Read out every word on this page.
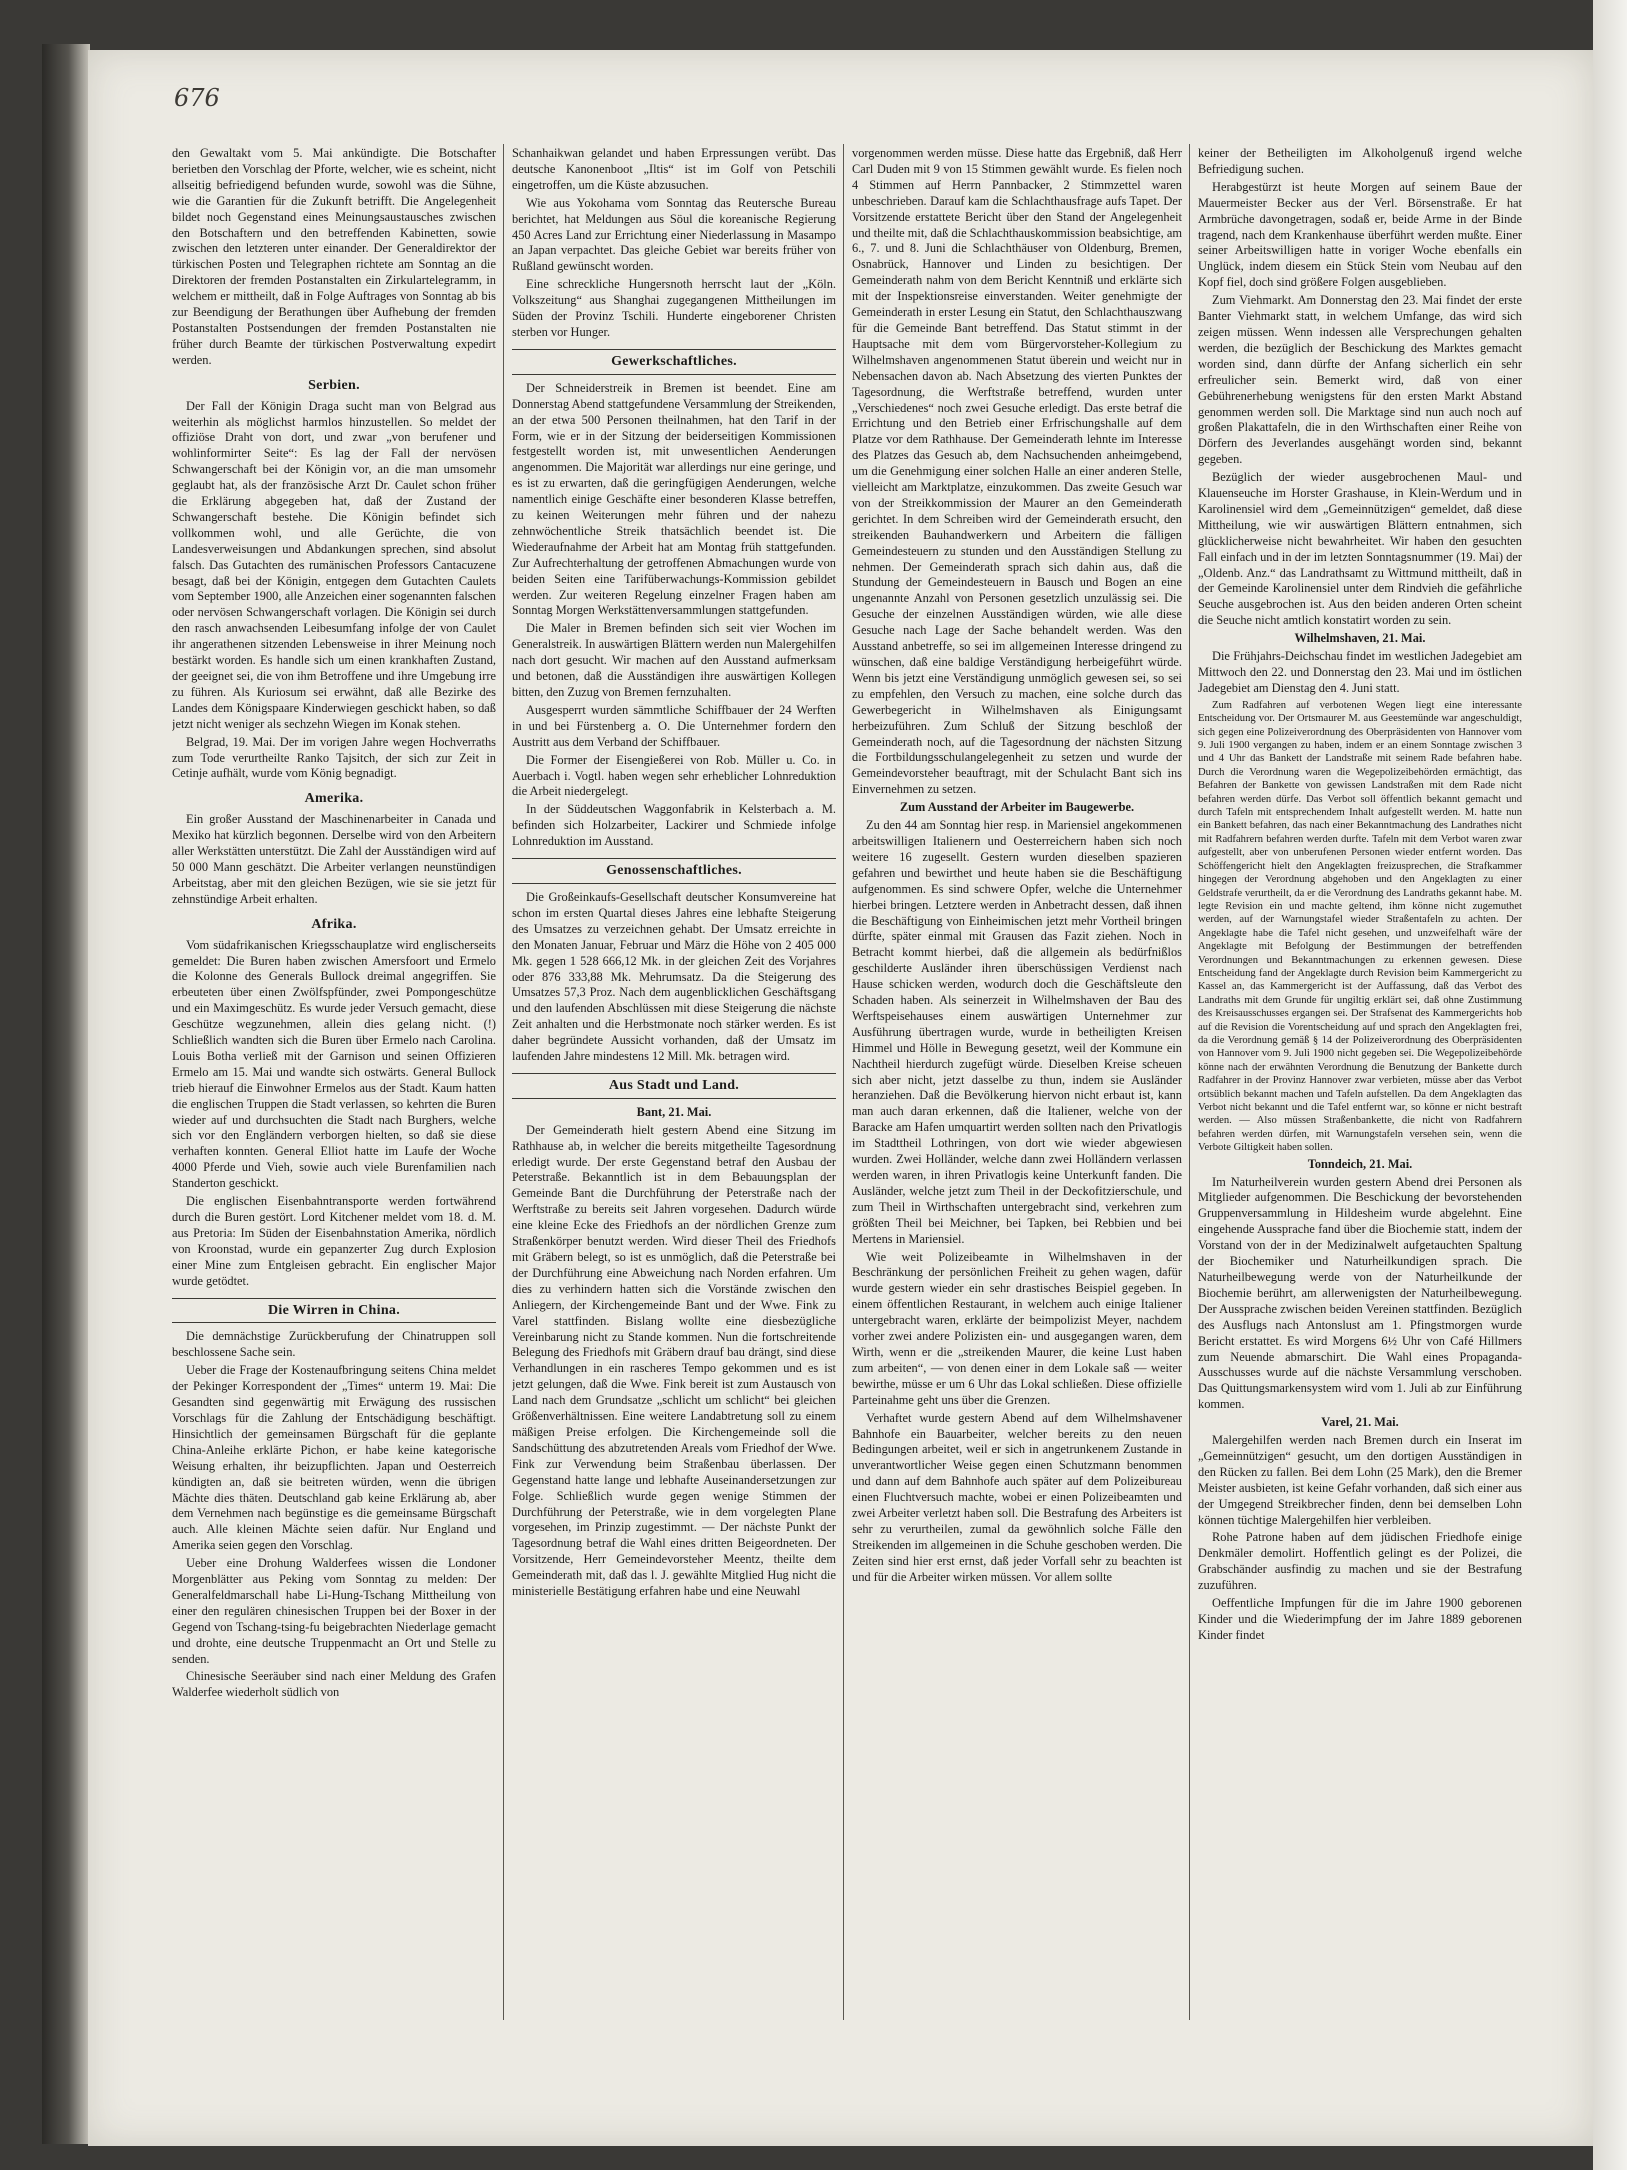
676

den Gewaltakt vom 5. Mai ankündigte. Die Botschafter berietben den Vorschlag der Pforte, welcher, wie es scheint, nicht allseitig befriedigend befunden wurde, sowohl was die Sühne, wie die Garantien für die Zukunft betrifft. Die Angelegenheit bildet noch Gegenstand eines Meinungsaustausches zwischen den Botschaftern und den betreffenden Kabinetten, sowie zwischen den letzteren unter einander. Der Generaldirektor der türkischen Posten und Telegraphen richtete am Sonntag an die Direktoren der fremden Postanstalten ein Zirkulartelegramm, in welchem er mittheilt, daß in Folge Auftrages von Sonntag ab bis zur Beendigung der Berathungen über Aufhebung der fremden Postanstalten Postsendungen der fremden Postanstalten nie früher durch Beamte der türkischen Postverwaltung expedirt werden.

Serbien.

Der Fall der Königin Draga sucht man von Belgrad aus weiterhin als möglichst harmlos hinzustellen. So meldet der offiziöse Draht von dort, und zwar „von berufener und wohlinformirter Seite“: Es lag der Fall der nervösen Schwangerschaft bei der Königin vor, an die man umsomehr geglaubt hat, als der französische Arzt Dr. Caulet schon früher die Erklärung abgegeben hat, daß der Zustand der Schwangerschaft bestehe. Die Königin befindet sich vollkommen wohl, und alle Gerüchte, die von Landesverweisungen und Abdankungen sprechen, sind absolut falsch. Das Gutachten des rumänischen Professors Cantacuzene besagt, daß bei der Königin, entgegen dem Gutachten Caulets vom September 1900, alle Anzeichen einer sogenannten falschen oder nervösen Schwangerschaft vorlagen. Die Königin sei durch den rasch anwachsenden Leibesumfang infolge der von Caulet ihr angerathenen sitzenden Lebensweise in ihrer Meinung noch bestärkt worden. Es handle sich um einen krankhaften Zustand, der geeignet sei, die von ihm Betroffene und ihre Umgebung irre zu führen. Als Kuriosum sei erwähnt, daß alle Bezirke des Landes dem Königspaare Kinderwiegen geschickt haben, so daß jetzt nicht weniger als sechzehn Wiegen im Konak stehen.

Belgrad, 19. Mai. Der im vorigen Jahre wegen Hochverraths zum Tode verurtheilte Ranko Tajsitch, der sich zur Zeit in Cetinje aufhält, wurde vom König begnadigt.

Amerika.

Ein großer Ausstand der Maschinenarbeiter in Canada und Mexiko hat kürzlich begonnen. Derselbe wird von den Arbeitern aller Werkstätten unterstützt. Die Zahl der Ausständigen wird auf 50 000 Mann geschätzt. Die Arbeiter verlangen neunstündigen Arbeitstag, aber mit den gleichen Bezügen, wie sie sie jetzt für zehnstündige Arbeit erhalten.

Afrika.

Vom südafrikanischen Kriegsschauplatze wird englischerseits gemeldet: Die Buren haben zwischen Amersfoort und Ermelo die Kolonne des Generals Bullock dreimal angegriffen. Sie erbeuteten über einen Zwölfspfünder, zwei Pompongeschütze und ein Maximgeschütz. Es wurde jeder Versuch gemacht, diese Geschütze wegzunehmen, allein dies gelang nicht. (!) Schließlich wandten sich die Buren über Ermelo nach Carolina. Louis Botha verließ mit der Garnison und seinen Offizieren Ermelo am 15. Mai und wandte sich ostwärts. General Bullock trieb hierauf die Einwohner Ermelos aus der Stadt. Kaum hatten die englischen Truppen die Stadt verlassen, so kehrten die Buren wieder auf und durchsuchten die Stadt nach Burghers, welche sich vor den Engländern verborgen hielten, so daß sie diese verhaften konnten. General Elliot hatte im Laufe der Woche 4000 Pferde und Vieh, sowie auch viele Burenfamilien nach Standerton geschickt.

Die englischen Eisenbahntransporte werden fortwährend durch die Buren gestört. Lord Kitchener meldet vom 18. d. M. aus Pretoria: Im Süden der Eisenbahnstation Amerika, nördlich von Kroonstad, wurde ein gepanzerter Zug durch Explosion einer Mine zum Entgleisen gebracht. Ein englischer Major wurde getödtet.

Die Wirren in China.

Die demnächstige Zurückberufung der Chinatruppen soll beschlossene Sache sein.

Ueber die Frage der Kostenaufbringung seitens China meldet der Pekinger Korrespondent der „Times“ unterm 19. Mai: Die Gesandten sind gegenwärtig mit Erwägung des russischen Vorschlags für die Zahlung der Entschädigung beschäftigt. Hinsichtlich der gemeinsamen Bürgschaft für die geplante China-Anleihe erklärte Pichon, er habe keine kategorische Weisung erhalten, ihr beizupflichten. Japan und Oesterreich kündigten an, daß sie beitreten würden, wenn die übrigen Mächte dies thäten. Deutschland gab keine Erklärung ab, aber dem Vernehmen nach begünstige es die gemeinsame Bürgschaft auch. Alle kleinen Mächte seien dafür. Nur England und Amerika seien gegen den Vorschlag.

Ueber eine Drohung Walderfees wissen die Londoner Morgenblätter aus Peking vom Sonntag zu melden: Der Generalfeldmarschall habe Li-Hung-Tschang Mittheilung von einer den regulären chinesischen Truppen bei der Boxer in der Gegend von Tschang-tsing-fu beigebrachten Niederlage gemacht und drohte, eine deutsche Truppenmacht an Ort und Stelle zu senden.

Chinesische Seeräuber sind nach einer Meldung des Grafen Walderfee wiederholt südlich von

Schanhaikwan gelandet und haben Erpressungen verübt. Das deutsche Kanonenboot „Iltis“ ist im Golf von Petschili eingetroffen, um die Küste abzusuchen.

Wie aus Yokohama vom Sonntag das Reutersche Bureau berichtet, hat Meldungen aus Söul die koreanische Regierung 450 Acres Land zur Errichtung einer Niederlassung in Masampo an Japan verpachtet. Das gleiche Gebiet war bereits früher von Rußland gewünscht worden.

Eine schreckliche Hungersnoth herrscht laut der „Köln. Volkszeitung“ aus Shanghai zugegangenen Mittheilungen im Süden der Provinz Tschili. Hunderte eingeborener Christen sterben vor Hunger.

Gewerkschaftliches.

Der Schneiderstreik in Bremen ist beendet. Eine am Donnerstag Abend stattgefundene Versammlung der Streikenden, an der etwa 500 Personen theilnahmen, hat den Tarif in der Form, wie er in der Sitzung der beiderseitigen Kommissionen festgestellt worden ist, mit unwesentlichen Aenderungen angenommen. Die Majorität war allerdings nur eine geringe, und es ist zu erwarten, daß die geringfügigen Aenderungen, welche namentlich einige Geschäfte einer besonderen Klasse betreffen, zu keinen Weiterungen mehr führen und der nahezu zehnwöchentliche Streik thatsächlich beendet ist. Die Wiederaufnahme der Arbeit hat am Montag früh stattgefunden. Zur Aufrechterhaltung der getroffenen Abmachungen wurde von beiden Seiten eine Tarifüberwachungs-Kommission gebildet werden. Zur weiteren Regelung einzelner Fragen haben am Sonntag Morgen Werkstättenversammlungen stattgefunden.

Die Maler in Bremen befinden sich seit vier Wochen im Generalstreik. In auswärtigen Blättern werden nun Malergehilfen nach dort gesucht. Wir machen auf den Ausstand aufmerksam und betonen, daß die Ausständigen ihre auswärtigen Kollegen bitten, den Zuzug von Bremen fernzuhalten.

Ausgesperrt wurden sämmtliche Schiffbauer der 24 Werften in und bei Fürstenberg a. O. Die Unternehmer fordern den Austritt aus dem Verband der Schiffbauer.

Die Former der Eisengießerei von Rob. Müller u. Co. in Auerbach i. Vogtl. haben wegen sehr erheblicher Lohnreduktion die Arbeit niedergelegt.

In der Süddeutschen Waggonfabrik in Kelsterbach a. M. befinden sich Holzarbeiter, Lackirer und Schmiede infolge Lohnreduktion im Ausstand.

Genossenschaftliches.

Die Großeinkaufs-Gesellschaft deutscher Konsumvereine hat schon im ersten Quartal dieses Jahres eine lebhafte Steigerung des Umsatzes zu verzeichnen gehabt. Der Umsatz erreichte in den Monaten Januar, Februar und März die Höhe von 2 405 000 Mk. gegen 1 528 666,12 Mk. in der gleichen Zeit des Vorjahres oder 876 333,88 Mk. Mehrumsatz. Da die Steigerung des Umsatzes 57,3 Proz. Nach dem augenblicklichen Geschäftsgang und den laufenden Abschlüssen mit diese Steigerung die nächste Zeit anhalten und die Herbstmonate noch stärker werden. Es ist daher begründete Aussicht vorhanden, daß der Umsatz im laufenden Jahre mindestens 12 Mill. Mk. betragen wird.

Aus Stadt und Land.

Bant, 21. Mai.

Der Gemeinderath hielt gestern Abend eine Sitzung im Rathhause ab, in welcher die bereits mitgetheilte Tagesordnung erledigt wurde. Der erste Gegenstand betraf den Ausbau der Peterstraße. Bekanntlich ist in dem Bebauungsplan der Gemeinde Bant die Durchführung der Peterstraße nach der Werftstraße zu bereits seit Jahren vorgesehen. Dadurch würde eine kleine Ecke des Friedhofs an der nördlichen Grenze zum Straßenkörper benutzt werden. Wird dieser Theil des Friedhofs mit Gräbern belegt, so ist es unmöglich, daß die Peterstraße bei der Durchführung eine Abweichung nach Norden erfahren. Um dies zu verhindern hatten sich die Vorstände zwischen den Anliegern, der Kirchengemeinde Bant und der Wwe. Fink zu Varel stattfinden. Bislang wollte eine diesbezügliche Vereinbarung nicht zu Stande kommen. Nun die fortschreitende Belegung des Friedhofs mit Gräbern drauf bau drängt, sind diese Verhandlungen in ein rascheres Tempo gekommen und es ist jetzt gelungen, daß die Wwe. Fink bereit ist zum Austausch von Land nach dem Grundsatze „schlicht um schlicht“ bei gleichen Größenverhältnissen. Eine weitere Landabtretung soll zu einem mäßigen Preise erfolgen. Die Kirchengemeinde soll die Sandschüttung des abzutretenden Areals vom Friedhof der Wwe. Fink zur Verwendung beim Straßenbau überlassen. Der Gegenstand hatte lange und lebhafte Auseinandersetzungen zur Folge. Schließlich wurde gegen wenige Stimmen der Durchführung der Peterstraße, wie in dem vorgelegten Plane vorgesehen, im Prinzip zugestimmt. — Der nächste Punkt der Tagesordnung betraf die Wahl eines dritten Beigeordneten. Der Vorsitzende, Herr Gemeindevorsteher Meentz, theilte dem Gemeinderath mit, daß das l. J. gewählte Mitglied Hug nicht die ministerielle Bestätigung erfahren habe und eine Neuwahl

vorgenommen werden müsse. Diese hatte das Ergebniß, daß Herr Carl Duden mit 9 von 15 Stimmen gewählt wurde. Es fielen noch 4 Stimmen auf Herrn Pannbacker, 2 Stimmzettel waren unbeschrieben. Darauf kam die Schlachthausfrage aufs Tapet. Der Vorsitzende erstattete Bericht über den Stand der Angelegenheit und theilte mit, daß die Schlachthauskommission beabsichtige, am 6., 7. und 8. Juni die Schlachthäuser von Oldenburg, Bremen, Osnabrück, Hannover und Linden zu besichtigen. Der Gemeinderath nahm von dem Bericht Kenntniß und erklärte sich mit der Inspektionsreise einverstanden. Weiter genehmigte der Gemeinderath in erster Lesung ein Statut, den Schlachthauszwang für die Gemeinde Bant betreffend. Das Statut stimmt in der Hauptsache mit dem vom Bürgervorsteher-Kollegium zu Wilhelmshaven angenommenen Statut überein und weicht nur in Nebensachen davon ab. Nach Absetzung des vierten Punktes der Tagesordnung, die Werftstraße betreffend, wurden unter „Verschiedenes“ noch zwei Gesuche erledigt. Das erste betraf die Errichtung und den Betrieb einer Erfrischungshalle auf dem Platze vor dem Rathhause. Der Gemeinderath lehnte im Interesse des Platzes das Gesuch ab, dem Nachsuchenden anheimgebend, um die Genehmigung einer solchen Halle an einer anderen Stelle, vielleicht am Marktplatze, einzukommen. Das zweite Gesuch war von der Streikkommission der Maurer an den Gemeinderath gerichtet. In dem Schreiben wird der Gemeinderath ersucht, den streikenden Bauhandwerkern und Arbeitern die fälligen Gemeindesteuern zu stunden und den Ausständigen Stellung zu nehmen. Der Gemeinderath sprach sich dahin aus, daß die Stundung der Gemeindesteuern in Bausch und Bogen an eine ungenannte Anzahl von Personen gesetzlich unzulässig sei. Die Gesuche der einzelnen Ausständigen würden, wie alle diese Gesuche nach Lage der Sache behandelt werden. Was den Ausstand anbetreffe, so sei im allgemeinen Interesse dringend zu wünschen, daß eine baldige Verständigung herbeigeführt würde. Wenn bis jetzt eine Verständigung unmöglich gewesen sei, so sei zu empfehlen, den Versuch zu machen, eine solche durch das Gewerbegericht in Wilhelmshaven als Einigungsamt herbeizuführen. Zum Schluß der Sitzung beschloß der Gemeinderath noch, auf die Tagesordnung der nächsten Sitzung die Fortbildungsschulangelegenheit zu setzen und wurde der Gemeindevorsteher beauftragt, mit der Schulacht Bant sich ins Einvernehmen zu setzen.

Zum Ausstand der Arbeiter im Baugewerbe.

Zu den 44 am Sonntag hier resp. in Mariensiel angekommenen arbeitswilligen Italienern und Oesterreichern haben sich noch weitere 16 zugesellt. Gestern wurden dieselben spazieren gefahren und bewirthet und heute haben sie die Beschäftigung aufgenommen. Es sind schwere Opfer, welche die Unternehmer hierbei bringen. Letztere werden in Anbetracht dessen, daß ihnen die Beschäftigung von Einheimischen jetzt mehr Vortheil bringen dürfte, später einmal mit Grausen das Fazit ziehen. Noch in Betracht kommt hierbei, daß die allgemein als bedürfnißlos geschilderte Ausländer ihren überschüssigen Verdienst nach Hause schicken werden, wodurch doch die Geschäftsleute den Schaden haben. Als seinerzeit in Wilhelmshaven der Bau des Werftspeisehauses einem auswärtigen Unternehmer zur Ausführung übertragen wurde, wurde in betheiligten Kreisen Himmel und Hölle in Bewegung gesetzt, weil der Kommune ein Nachtheil hierdurch zugefügt würde. Dieselben Kreise scheuen sich aber nicht, jetzt dasselbe zu thun, indem sie Ausländer heranziehen. Daß die Bevölkerung hiervon nicht erbaut ist, kann man auch daran erkennen, daß die Italiener, welche von der Baracke am Hafen umquartirt werden sollten nach den Privatlogis im Stadttheil Lothringen, von dort wie wieder abgewiesen wurden. Zwei Holländer, welche dann zwei Holländern verlassen werden waren, in ihren Privatlogis keine Unterkunft fanden. Die Ausländer, welche jetzt zum Theil in der Deckofitzierschule, und zum Theil in Wirthschaften untergebracht sind, verkehren zum größten Theil bei Meichner, bei Tapken, bei Rebbien und bei Mertens in Mariensiel.

Wie weit Polizeibeamte in Wilhelmshaven in der Beschränkung der persönlichen Freiheit zu gehen wagen, dafür wurde gestern wieder ein sehr drastisches Beispiel gegeben. In einem öffentlichen Restaurant, in welchem auch einige Italiener untergebracht waren, erklärte der beimpolizist Meyer, nachdem vorher zwei andere Polizisten ein- und ausgegangen waren, dem Wirth, wenn er die „streikenden Maurer, die keine Lust haben zum arbeiten“, — von denen einer in dem Lokale saß — weiter bewirthe, müsse er um 6 Uhr das Lokal schließen. Diese offizielle Parteinahme geht uns über die Grenzen.

Verhaftet wurde gestern Abend auf dem Wilhelmshavener Bahnhofe ein Bauarbeiter, welcher bereits zu den neuen Bedingungen arbeitet, weil er sich in angetrunkenem Zustande in unverantwortlicher Weise gegen einen Schutzmann benommen und dann auf dem Bahnhofe auch später auf dem Polizeibureau einen Fluchtversuch machte, wobei er einen Polizeibeamten und zwei Arbeiter verletzt haben soll. Die Bestrafung des Arbeiters ist sehr zu verurtheilen, zumal da gewöhnlich solche Fälle den Streikenden im allgemeinen in die Schuhe geschoben werden. Die Zeiten sind hier erst ernst, daß jeder Vorfall sehr zu beachten ist und für die Arbeiter wirken müssen. Vor allem sollte

keiner der Betheiligten im Alkoholgenuß irgend welche Befriedigung suchen.

Herabgestürzt ist heute Morgen auf seinem Baue der Mauermeister Becker aus der Verl. Börsenstraße. Er hat Armbrüche davongetragen, sodaß er, beide Arme in der Binde tragend, nach dem Krankenhause überführt werden mußte. Einer seiner Arbeitswilligen hatte in voriger Woche ebenfalls ein Unglück, indem diesem ein Stück Stein vom Neubau auf den Kopf fiel, doch sind größere Folgen ausgeblieben.

Zum Viehmarkt. Am Donnerstag den 23. Mai findet der erste Banter Viehmarkt statt, in welchem Umfange, das wird sich zeigen müssen. Wenn indessen alle Versprechungen gehalten werden, die bezüglich der Beschickung des Marktes gemacht worden sind, dann dürfte der Anfang sicherlich ein sehr erfreulicher sein. Bemerkt wird, daß von einer Gebührenerhebung wenigstens für den ersten Markt Abstand genommen werden soll. Die Marktage sind nun auch noch auf großen Plakattafeln, die in den Wirthschaften einer Reihe von Dörfern des Jeverlandes ausgehängt worden sind, bekannt gegeben.

Bezüglich der wieder ausgebrochenen Maul- und Klauenseuche im Horster Grashause, in Klein-Werdum und in Karolinensiel wird dem „Gemeinnützigen“ gemeldet, daß diese Mittheilung, wie wir auswärtigen Blättern entnahmen, sich glücklicherweise nicht bewahrheitet. Wir haben den gesuchten Fall einfach und in der im letzten Sonntagsnummer (19. Mai) der „Oldenb. Anz.“ das Landrathsamt zu Wittmund mittheilt, daß in der Gemeinde Karolinensiel unter dem Rindvieh die gefährliche Seuche ausgebrochen ist. Aus den beiden anderen Orten scheint die Seuche nicht amtlich konstatirt worden zu sein.

Wilhelmshaven, 21. Mai.

Die Frühjahrs-Deichschau findet im westlichen Jadegebiet am Mittwoch den 22. und Donnerstag den 23. Mai und im östlichen Jadegebiet am Dienstag den 4. Juni statt.

Zum Radfahren auf verbotenen Wegen liegt eine interessante Entscheidung vor. Der Ortsmaurer M. aus Geestemünde war angeschuldigt, sich gegen eine Polizeiverordnung des Oberpräsidenten von Hannover vom 9. Juli 1900 vergangen zu haben, indem er an einem Sonntage zwischen 3 und 4 Uhr das Bankett der Landstraße mit seinem Rade befahren habe. Durch die Verordnung waren die Wegepolizeibehörden ermächtigt, das Befahren der Bankette von gewissen Landstraßen mit dem Rade nicht befahren werden dürfe. Das Verbot soll öffentlich bekannt gemacht und durch Tafeln mit entsprechendem Inhalt aufgestellt werden. M. hatte nun ein Bankett befahren, das nach einer Bekanntmachung des Landrathes nicht mit Radfahrern befahren werden durfte. Tafeln mit dem Verbot waren zwar aufgestellt, aber von unberufenen Personen wieder entfernt worden. Das Schöffengericht hielt den Angeklagten freizusprechen, die Strafkammer hingegen der Verordnung abgehoben und den Angeklagten zu einer Geldstrafe verurtheilt, da er die Verordnung des Landraths gekannt habe. M. legte Revision ein und machte geltend, ihm könne nicht zugemuthet werden, auf der Warnungstafel wieder Straßentafeln zu achten. Der Angeklagte habe die Tafel nicht gesehen, und unzweifelhaft wäre der Angeklagte mit Befolgung der Bestimmungen der betreffenden Verordnungen und Bekanntmachungen zu erkennen gewesen. Diese Entscheidung fand der Angeklagte durch Revision beim Kammergericht zu Kassel an, das Kammergericht ist der Auffassung, daß das Verbot des Landraths mit dem Grunde für ungiltig erklärt sei, daß ohne Zustimmung des Kreisausschusses ergangen sei. Der Strafsenat des Kammergerichts hob auf die Revision die Vorentscheidung auf und sprach den Angeklagten frei, da die Verordnung gemäß § 14 der Polizeiverordnung des Oberpräsidenten von Hannover vom 9. Juli 1900 nicht gegeben sei. Die Wegepolizeibehörde könne nach der erwähnten Verordnung die Benutzung der Bankette durch Radfahrer in der Provinz Hannover zwar verbieten, müsse aber das Verbot ortsüblich bekannt machen und Tafeln aufstellen. Da dem Angeklagten das Verbot nicht bekannt und die Tafel entfernt war, so könne er nicht bestraft werden. — Also müssen Straßenbankette, die nicht von Radfahrern befahren werden dürfen, mit Warnungstafeln versehen sein, wenn die Verbote Giltigkeit haben sollen.

Tonndeich, 21. Mai.

Im Naturheilverein wurden gestern Abend drei Personen als Mitglieder aufgenommen. Die Beschickung der bevorstehenden Gruppenversammlung in Hildesheim wurde abgelehnt. Eine eingehende Aussprache fand über die Biochemie statt, indem der Vorstand von der in der Medizinalwelt aufgetauchten Spaltung der Biochemiker und Naturheilkundigen sprach. Die Naturheilbewegung werde von der Naturheilkunde der Biochemie berührt, am allerwenigsten der Naturheilbewegung. Der Aussprache zwischen beiden Vereinen stattfinden. Bezüglich des Ausflugs nach Antonslust am 1. Pfingstmorgen wurde Bericht erstattet. Es wird Morgens 6½ Uhr von Café Hillmers zum Neuende abmarschirt. Die Wahl eines Propaganda-Ausschusses wurde auf die nächste Versammlung verschoben. Das Quittungsmarkensystem wird vom 1. Juli ab zur Einführung kommen.

Varel, 21. Mai.

Malergehilfen werden nach Bremen durch ein Inserat im „Gemeinnützigen“ gesucht, um den dortigen Ausständigen in den Rücken zu fallen. Bei dem Lohn (25 Mark), den die Bremer Meister ausbieten, ist keine Gefahr vorhanden, daß sich einer aus der Umgegend Streikbrecher finden, denn bei demselben Lohn können tüchtige Malergehilfen hier verbleiben.

Rohe Patrone haben auf dem jüdischen Friedhofe einige Denkmäler demolirt. Hoffentlich gelingt es der Polizei, die Grabschänder ausfindig zu machen und sie der Bestrafung zuzuführen.

Oeffentliche Impfungen für die im Jahre 1900 geborenen Kinder und die Wiederimpfung der im Jahre 1889 geborenen Kinder findet
